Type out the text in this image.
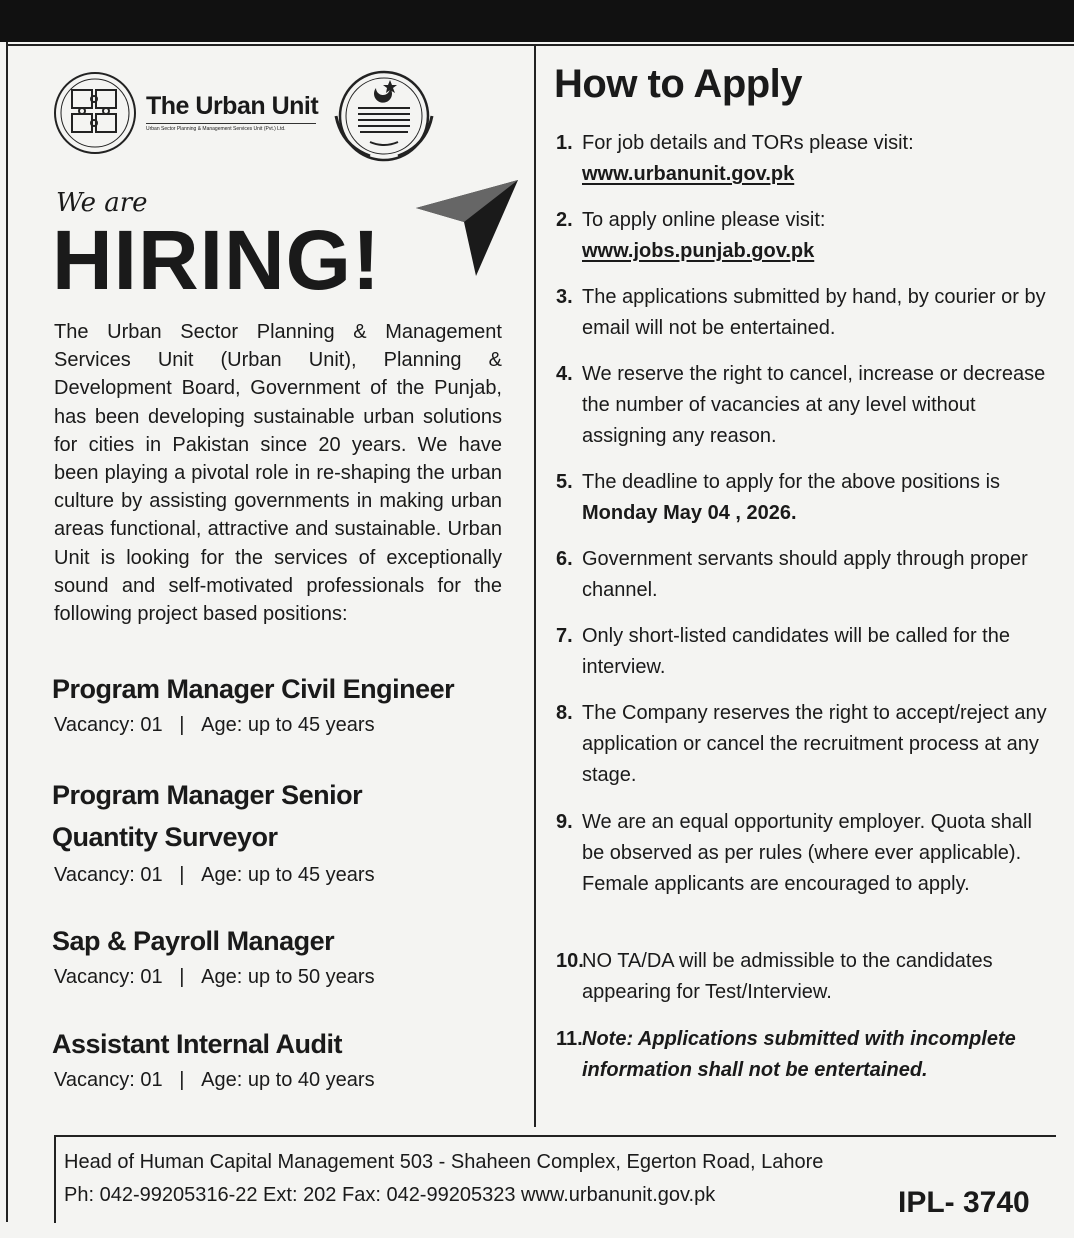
The Urban Unit
Urban Sector Planning & Management Services Unit (Pvt.) Ltd.
We are
HIRING!
The Urban Sector Planning & Management Services Unit (Urban Unit), Planning & Development Board, Government of the Punjab, has been developing sustainable urban solutions for cities in Pakistan since 20 years. We have been playing a pivotal role in re-shaping the urban culture by assisting governments in making urban areas functional, attractive and sustainable. Urban Unit is looking for the services of exceptionally sound and self-motivated professionals for the following project based positions:
Program Manager Civil Engineer
Vacancy: 01 | Age: up to 45 years
Program Manager Senior
Quantity Surveyor
Vacancy: 01 | Age: up to 45 years
Sap & Payroll Manager
Vacancy: 01 | Age: up to 50 years
Assistant Internal Audit
Vacancy: 01 | Age: up to 40 years
How to Apply
1. For job details and TORs please visit:
www.urbanunit.gov.pk
2. To apply online please visit:
www.jobs.punjab.gov.pk
3. The applications submitted by hand, by courier or by email will not be entertained.
4. We reserve the right to cancel, increase or decrease the number of vacancies at any level without assigning any reason.
5. The deadline to apply for the above positions is Monday May 04 , 2026.
6. Government servants should apply through proper channel.
7. Only short-listed candidates will be called for the interview.
8. The Company reserves the right to accept/reject any application or cancel the recruitment process at any stage.
9. We are an equal opportunity employer. Quota shall be observed as per rules (where ever applicable). Female applicants are encouraged to apply.
10.
NO TA/DA will be admissible to the candidates appearing for Test/Interview.
11. Note: Applications submitted with incomplete information shall not be entertained.
Head of Human Capital Management 503 - Shaheen Complex, Egerton Road, Lahore
Ph: 042-99205316-22 Ext: 202 Fax: 042-99205323 www.urbanunit.gov.pk	IPL- 3740
